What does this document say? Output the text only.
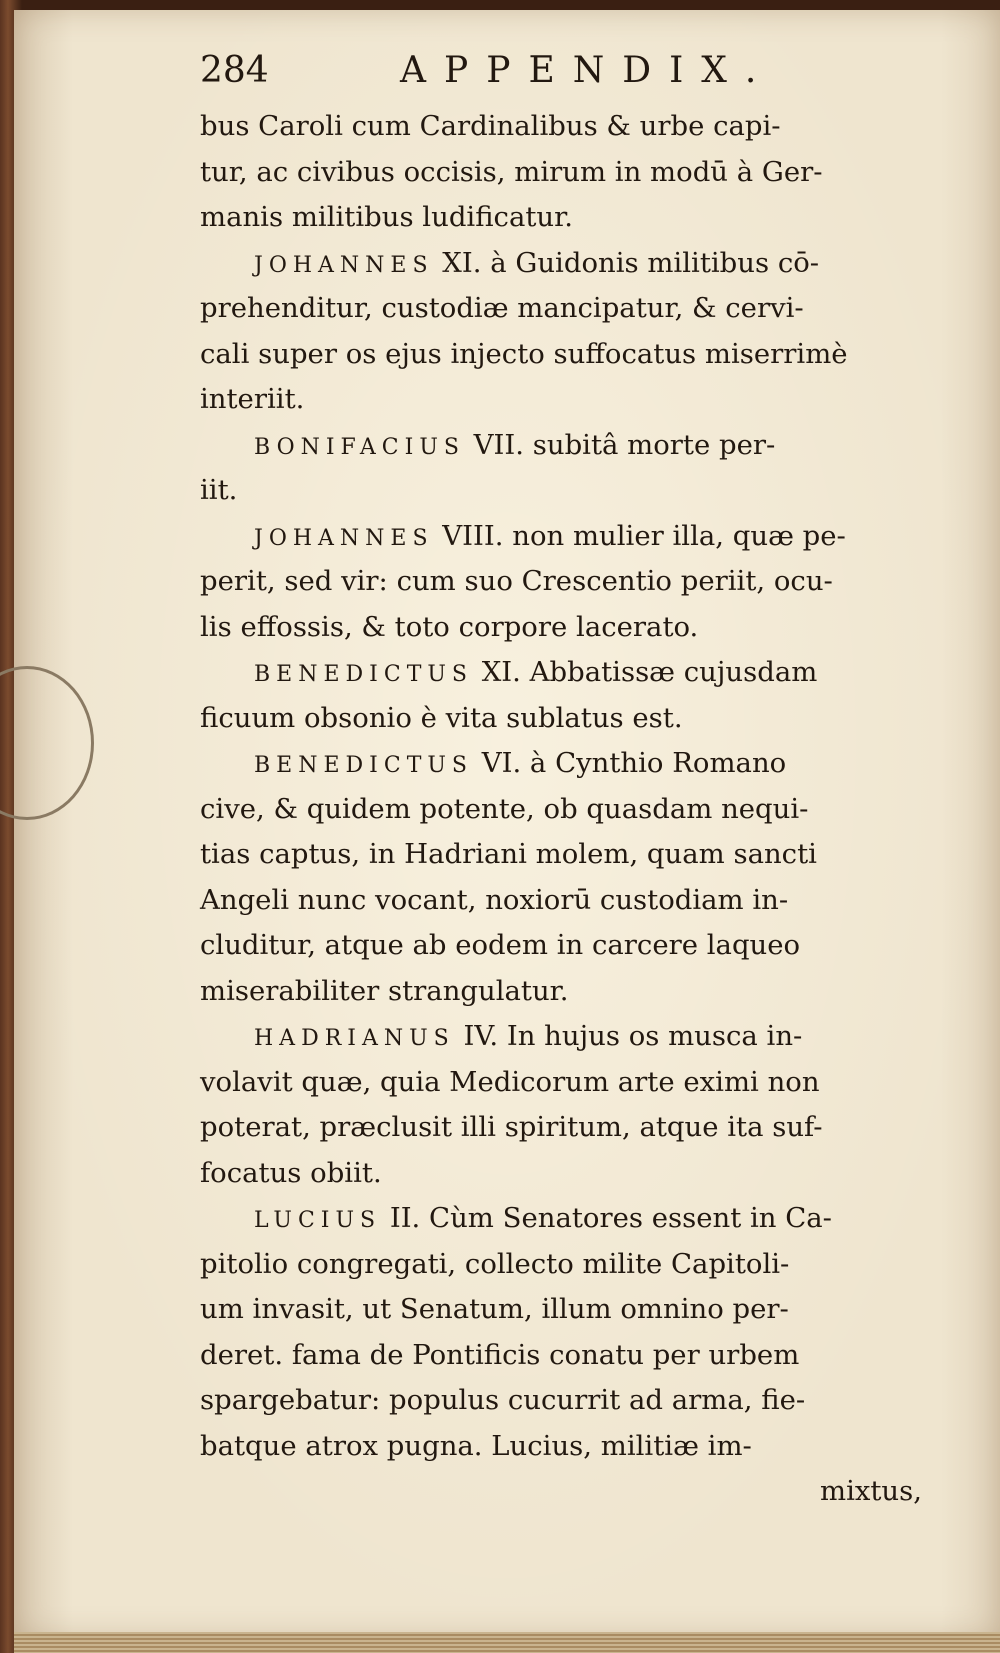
284	APPENDIX.
bus Caroli cum Cardinalibus & urbe capi-
tur, ac civibus occisis, mirum in modū à Ger-
manis militibus ludificatur.
JOHANNES XI. à Guidonis militibus cō-
prehenditur, custodiæ mancipatur, & cervi-
cali super os ejus injecto suffocatus miserrimè
interiit.
BONIFACIUS VII. subitâ morte per-
iit.
JOHANNES VIII. non mulier illa, quæ pe-
perit, sed vir: cum suo Crescentio periit, ocu-
lis effossis, & toto corpore lacerato.
BENEDICTUS XI. Abbatissæ cujusdam
ficuum obsonio è vita sublatus est.
BENEDICTUS VI. à Cynthio Romano
cive, & quidem potente, ob quasdam nequi-
tias captus, in Hadriani molem, quam sancti
Angeli nunc vocant, noxiorū custodiam in-
cluditur, atque ab eodem in carcere laqueo
miserabiliter strangulatur.
HADRIANUS IV. In hujus os musca in-
volavit quæ, quia Medicorum arte eximi non
poterat, præclusit illi spiritum, atque ita suf-
focatus obiit.
LUCIUS II. Cùm Senatores essent in Ca-
pitolio congregati, collecto milite Capitoli-
um invasit, ut Senatum, illum omnino per-
deret. fama de Pontificis conatu per urbem
spargebatur: populus cucurrit ad arma, fie-
batque atrox pugna. Lucius, militiæ im-
mixtus,
